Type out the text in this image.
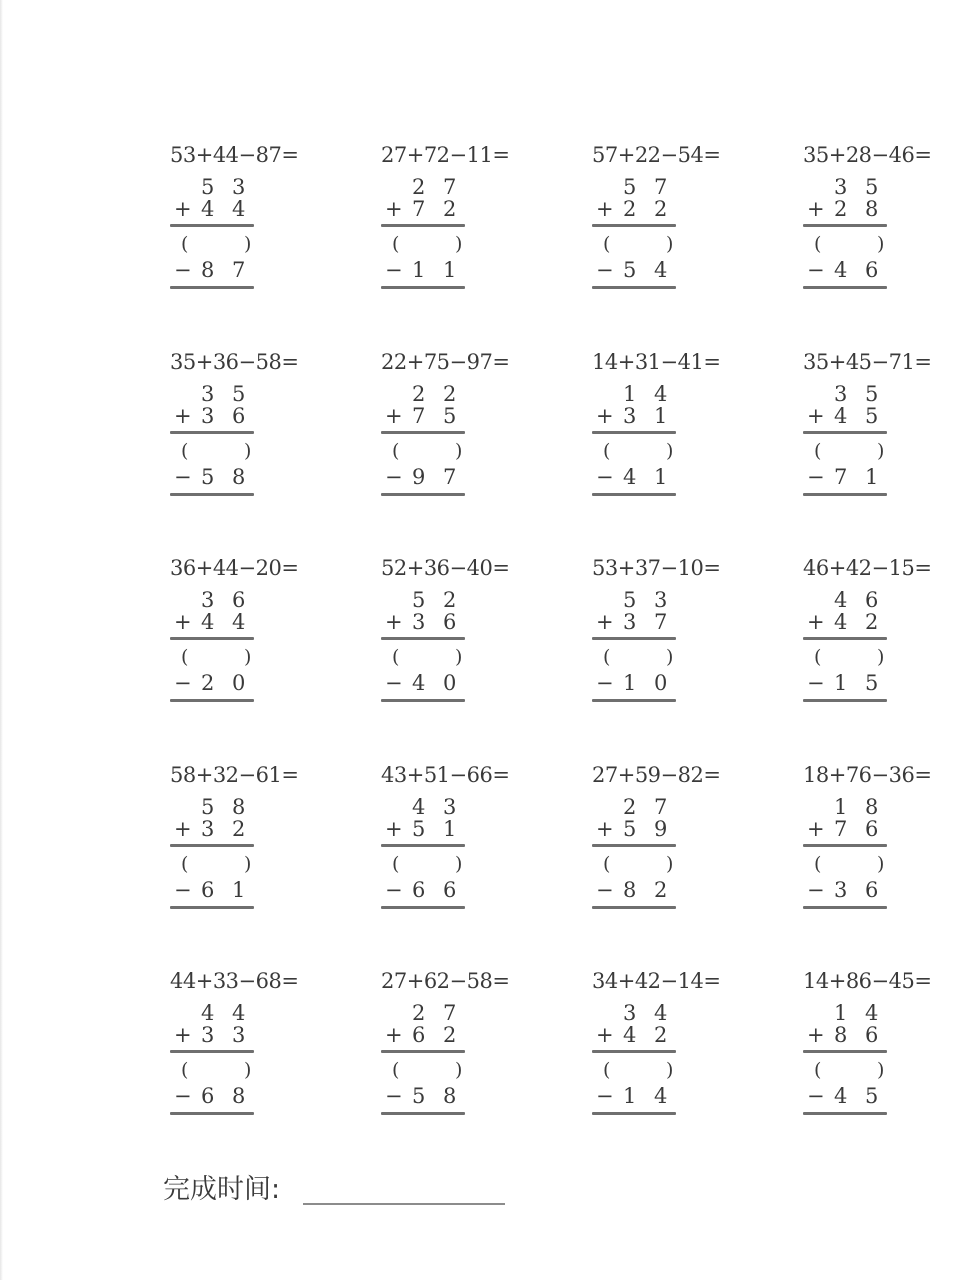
53+44−87=
5 3
+ 4 4
(	)
− 8 7
27+72−11=
2 7
+ 7 2
(	)
− 1 1
57+22−54=
5 7
+ 2 2
(	)
− 5 4
35+28−46=
3 5
+ 2 8
(	)
− 4 6
35+36−58=
3 5
+ 3 6
(	)
− 5 8
22+75−97=
2 2
+ 7 5
(	)
− 9 7
14+31−41=
1 4
+ 3 1
(	)
− 4 1
35+45−71=
3 5
+ 4 5
(	)
− 7 1
36+44−20=
3 6
+ 4 4
(	)
− 2 0
52+36−40=
5 2
+ 3 6
(	)
− 4 0
53+37−10=
5 3
+ 3 7
(	)
− 1 0
46+42−15=
4 6
+ 4 2
(	)
− 1 5
58+32−61=
5 8
+ 3 2
(	)
− 6 1
43+51−66=
4 3
+ 5 1
(	)
− 6 6
27+59−82=
2 7
+ 5 9
(	)
− 8 2
18+76−36=
1 8
+ 7 6
(	)
− 3 6
44+33−68=
4 4
+ 3 3
(	)
− 6 8
27+62−58=
2 7
+ 6 2
(	)
− 5 8
34+42−14=
3 4
+ 4 2
(	)
− 1 4
14+86−45=
1 4
+ 8 6
(	)
− 4 5
完成时间:
